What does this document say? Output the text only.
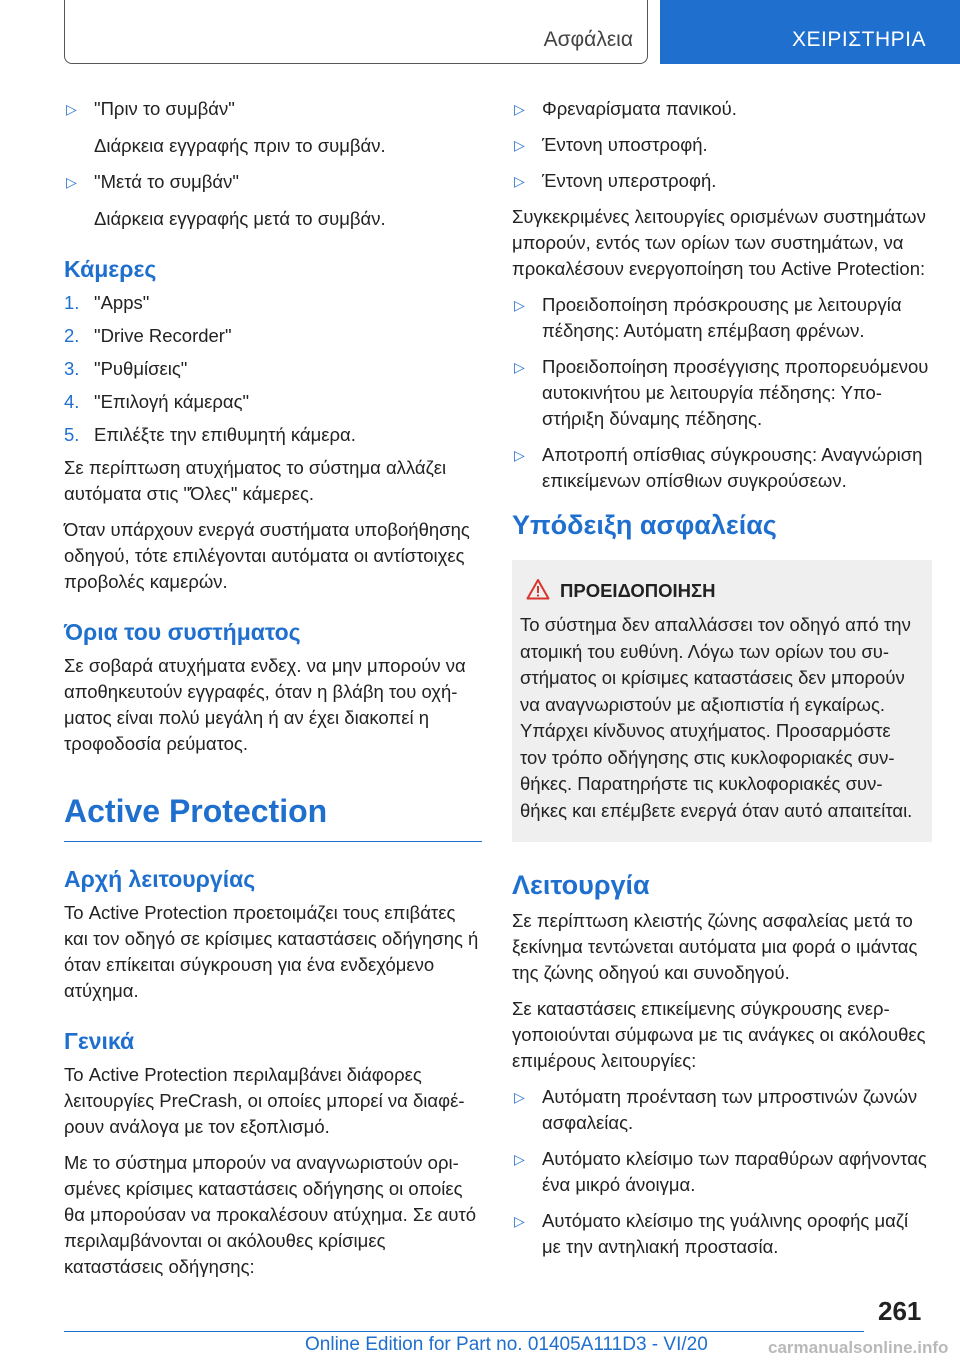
Ασφάλεια	ΧΕΙΡΙΣΤΗΡΙΑ
▷ "Πριν το συμβάν"
Διάρκεια εγγραφής πριν το συμβάν.
▷ "Μετά το συμβάν"
Διάρκεια εγγραφής μετά το συμβάν.
Κάμερες
1. "Apps"
2. "Drive Recorder"
3. "Ρυθμίσεις"
4. "Επιλογή κάμερας"
5. Επιλέξτε την επιθυμητή κάμερα.

Σε περίπτωση ατυχήματος το σύστημα αλλάζει αυτόματα στις "Όλες" κάμερες.

Όταν υπάρχουν ενεργά συστήματα υποβοήθησης οδηγού, τότε επιλέγονται αυτόματα οι αντίστοιχες προβολές καμερών.

Όρια του συστήματος

Σε σοβαρά ατυχήματα ενδεχ. να μην μπορούν να αποθηκευτούν εγγραφές, όταν η βλάβη του οχήματος είναι πολύ μεγάλη ή αν έχει διακοπεί η τροφοδοσία ρεύματος.

Active Protection
Αρχή λειτουργίας

Το Active Protection προετοιμάζει τους επιβάτες και τον οδηγό σε κρίσιμες καταστάσεις οδήγησης ή όταν επίκειται σύγκρουση για ένα ενδεχόμενο ατύχημα.

Γενικά

Το Active Protection περιλαμβάνει διάφορες λειτουργίες PreCrash, οι οποίες μπορεί να διαφέρουν ανάλογα με τον εξοπλισμό.

Με το σύστημα μπορούν να αναγνωριστούν ορισμένες κρίσιμες καταστάσεις οδήγησης οι οποίες θα μπορούσαν να προκαλέσουν ατύχημα. Σε αυτό περιλαμβάνονται οι ακόλουθες κρίσιμες καταστάσεις οδήγησης:

▷ Φρεναρίσματα πανικού.
▷ Έντονη υποστροφή.
▷ Έντονη υπερστροφή.

Συγκεκριμένες λειτουργίες ορισμένων συστημάτων μπορούν, εντός των ορίων των συστημάτων, να προκαλέσουν ενεργοποίηση του Active Protection:

▷ Προειδοποίηση πρόσκρουσης με λειτουργία πέδησης: Αυτόματη επέμβαση φρένων.
▷ Προειδοποίηση προσέγγισης προπορευόμενου αυτοκινήτου με λειτουργία πέδησης: Υποστήριξη δύναμης πέδησης.
▷ Αποτροπή οπίσθιας σύγκρουσης: Αναγνώριση επικείμενων οπίσθιων συγκρούσεων.
Υπόδειξη ασφαλείας
ΠΡΟΕΙΔΟΠΟΙΗΣΗ

Το σύστημα δεν απαλλάσσει τον οδηγό από την ατομική του ευθύνη. Λόγω των ορίων του συστήματος οι κρίσιμες καταστάσεις δεν μπορούν να αναγνωριστούν με αξιοπιστία ή εγκαίρως.

Υπάρχει κίνδυνος ατυχήματος. Προσαρμόστε τον τρόπο οδήγησης στις κυκλοφοριακές συνθήκες. Παρατηρήστε τις κυκλοφοριακές συνθήκες και επέμβετε ενεργά όταν αυτό απαιτείται.

Λειτουργία

Σε περίπτωση κλειστής ζώνης ασφαλείας μετά το ξεκίνημα τεντώνεται αυτόματα μια φορά ο ιμάντας της ζώνης οδηγού και συνοδηγού.

Σε καταστάσεις επικείμενης σύγκρουσης ενεργοποιούνται σύμφωνα με τις ανάγκες οι ακόλουθες επιμέρους λειτουργίες:

▷ Αυτόματη προένταση των μπροστινών ζωνών ασφαλείας.
▷ Αυτόματο κλείσιμο των παραθύρων αφήνοντας ένα μικρό άνοιγμα.
▷ Αυτόματο κλείσιμο της γυάλινης οροφής μαζί με την αντηλιακή προστασία.
261
Online Edition for Part no. 01405A111D3 - VI/20	carmanualsonline.info
